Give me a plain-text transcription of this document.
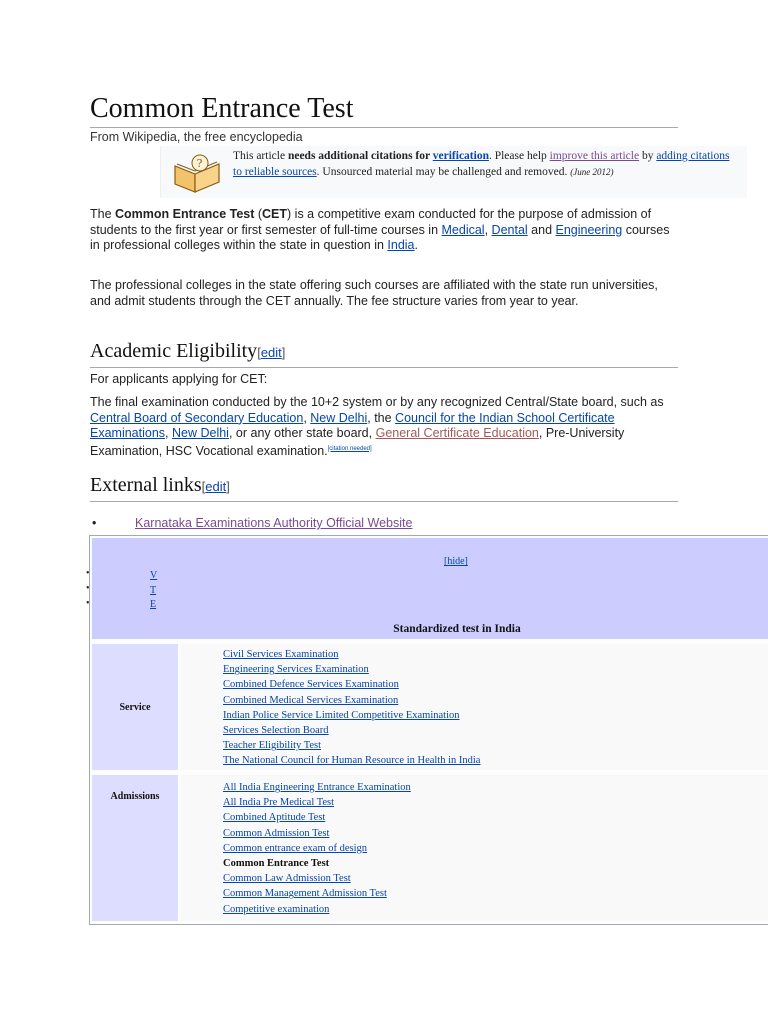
Common Entrance Test
From Wikipedia, the free encyclopedia
?
This article needs additional citations for verification. Please help improve this article by adding citations to reliable sources. Unsourced material may be challenged and removed. (June 2012)

The Common Entrance Test (CET) is a competitive exam conducted for the purpose of admission of students to the first year or first semester of full-time courses in Medical, Dental and Engineering courses in professional colleges within the state in question in India.

The professional colleges in the state offering such courses are affiliated with the state run universities, and admit students through the CET annually. The fee structure varies from year to year.

Academic Eligibility[edit]

For applicants applying for CET:

The final examination conducted by the 10+2 system or by any recognized Central/State board, such as Central Board of Secondary Education, New Delhi, the Council for the Indian School Certificate Examinations, New Delhi, or any other state board, General Certificate Education, Pre-University Examination, HSC Vocational examination.[citation needed]

External links[edit]
•	Karnataka Examinations Authority Official Website
[hide]
V
T
E
•
•
•
Standardized test in India
Service
Civil Services Examination
Engineering Services Examination
Combined Defence Services Examination
Combined Medical Services Examination
Indian Police Service Limited Competitive Examination
Services Selection Board
Teacher Eligibility Test
The National Council for Human Resource in Health in India
Admissions
All India Engineering Entrance Examination
All India Pre Medical Test
Combined Aptitude Test
Common Admission Test
Common entrance exam of design
Common Entrance Test
Common Law Admission Test
Common Management Admission Test
Competitive examination
